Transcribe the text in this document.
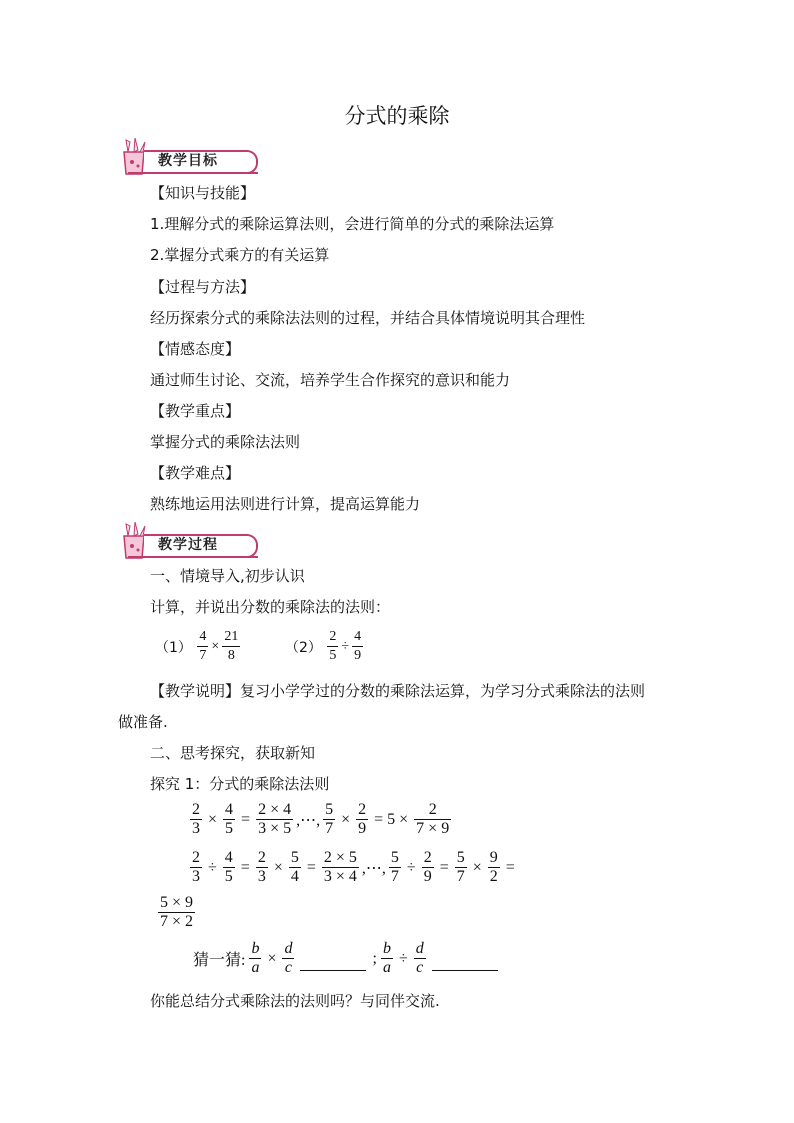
分式的乘除
教学目标
【知识与技能】
1.理解分式的乘除运算法则，会进行简单的分式的乘除法运算
2.掌握分式乘方的有关运算
【过程与方法】
经历探索分式的乘除法法则的过程，并结合具体情境说明其合理性
【情感态度】
通过师生讨论、交流，培养学生合作探究的意识和能力
【教学重点】
掌握分式的乘除法法则
【教学难点】
熟练地运用法则进行计算，提高运算能力
教学过程
一、情境导入,初步认识
计算，并说出分数的乘除法的法则：
$(1) \frac{4}{7} \times \frac{21}{8}$	$(2) \frac{2}{5} \div \frac{4}{9}$
【教学说明】复习小学学过的分数的乘除法运算，为学习分式乘除法的法则
做准备.
二、思考探究，获取新知
探究 1：分式的乘除法法则
$\frac{2}{3} \times \frac{4}{5} = \frac{2 \times 4}{3 \times 5}$ ,⋯, $\frac{5}{7} \times \frac{2}{9} = 5 \times \frac{2}{7 \times 9}$
$\frac{2}{3} \div \frac{4}{5} = \frac{2}{3} \times \frac{5}{4} = \frac{2 \times 5}{3 \times 4}$ ,⋯, $\frac{5}{7} \div \frac{2}{9} = \frac{5}{7} \times \frac{9}{2}$ =
$\frac{5 \times 9}{7 \times 2}$
猜一猜: $\frac{b}{a} \times \frac{d}{c}$	; $\frac{b}{a} \div \frac{d}{c}$
你能总结分式乘除法的法则吗？与同伴交流.
